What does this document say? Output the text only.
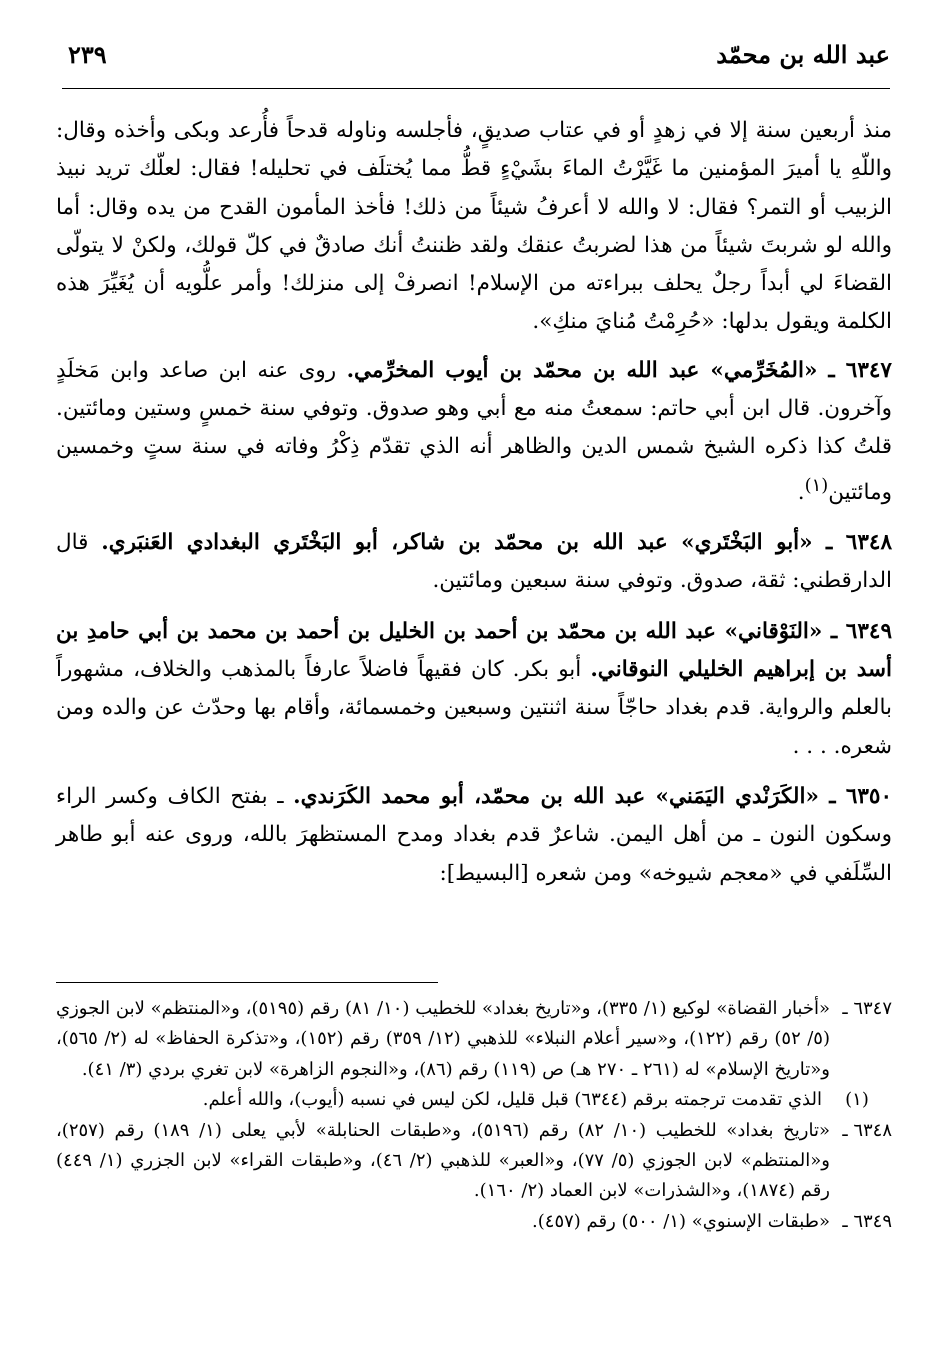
عبد الله بن محمّد
٢٣٩

منذ أربعين سنة إلا في زهدٍ أو في عتاب صديقٍ، فأجلسه وناوله قدحاً فأُرعد وبكى وأخذه وقال: واللّهِ يا أميرَ المؤمنين ما غَيَّرْتُ الماءَ بشَيْءٍ قطُّ مما يُختلَف في تحليله! فقال: لعلّك تريد نبيذ الزبيب أو التمر؟ فقال: لا والله لا أعرفُ شيئاً من ذلك! فأخذ المأمون القدح من يده وقال: أما والله لو شربتَ شيئاً من هذا لضربتُ عنقك ولقد ظننتُ أنك صادقٌ في كلّ قولك، ولكنْ لا يتولّى القضاءَ لي أبداً رجلٌ يحلف ببراءته من الإسلام! انصرفْ إلى منزلك! وأمر علُّويه أن يُغَيِّرَ هذه الكلمة ويقول بدلها: «حُرِمْتُ مُنايَ منكِ».

٦٣٤٧ ـ «المُخَرِّمي» عبد الله بن محمّد بن أيوب المخرِّمي. روى عنه ابن صاعد وابن مَخلَدٍ وآخرون. قال ابن أبي حاتم: سمعتُ منه مع أبي وهو صدوق. وتوفي سنة خمسٍ وستين ومائتين. قلتُ كذا ذكره الشيخ شمس الدين والظاهر أنه الذي تقدّم ذِكْرُ وفاته في سنة ستٍ وخمسين ومائتين$^{(١)}$.

٦٣٤٨ ـ «أبو البَخْتَري» عبد الله بن محمّد بن شاكر، أبو البَخْتَري البغدادي العَنبَري. قال الدارقطني: ثقة، صدوق. وتوفي سنة سبعين ومائتين.

٦٣٤٩ ـ «النَوْقاني» عبد الله بن محمّد بن أحمد بن الخليل بن أحمد بن محمد بن أبي حامدِ بن أسد بن إبراهيم الخليلي النوقاني. أبو بكر. كان فقيهاً فاضلاً عارفاً بالمذهب والخلاف، مشهوراً بالعلم والرواية. قدم بغداد حاجّاً سنة اثنتين وسبعين وخمسمائة، وأقام بها وحدّث عن والده ومن شعره. . . .

٦٣٥٠ ـ «الكَرَنْدي اليَمَني» عبد الله بن محمّد، أبو محمد الكَرَندي. ـ بفتح الكاف وكسر الراء وسكون النون ـ من أهل اليمن. شاعرٌ قدم بغداد ومدح المستظهرَ بالله، وروى عنه أبو طاهر السِّلَفي في «معجم شيوخه» ومن شعره [البسيط]:

٦٣٤٧ ـ
«أخبار القضاة» لوكيع (١/ ٣٣٥)، و«تاريخ بغداد» للخطيب (١٠/ ٨١) رقم (٥١٩٥)، و«المنتظم» لابن الجوزي (٥/ ٥٢) رقم (١٢٢)، و«سير أعلام النبلاء» للذهبي (١٢/ ٣٥٩) رقم (١٥٢)، و«تذكرة الحفاظ» له (٢/ ٥٦٥)، و«تاريخ الإسلام» له (٢٦١ ـ ٢٧٠ هـ) ص (١١٩) رقم (٨٦)، و«النجوم الزاهرة» لابن تغري بردي (٣/ ٤١).
(١)
الذي تقدمت ترجمته برقم (٦٣٤٤) قبل قليل، لكن ليس في نسبه (أيوب)، والله أعلم.
٦٣٤٨ ـ
«تاريخ بغداد» للخطيب (١٠/ ٨٢) رقم (٥١٩٦)، و«طبقات الحنابلة» لأبي يعلى (١/ ١٨٩) رقم (٢٥٧)، و«المنتظم» لابن الجوزي (٥/ ٧٧)، و«العبر» للذهبي (٢/ ٤٦)، و«طبقات القراء» لابن الجزري (١/ ٤٤٩) رقم (١٨٧٤)، و«الشذرات» لابن العماد (٢/ ١٦٠).
٦٣٤٩ ـ
«طبقات الإسنوي» (١/ ٥٠٠) رقم (٤٥٧).
